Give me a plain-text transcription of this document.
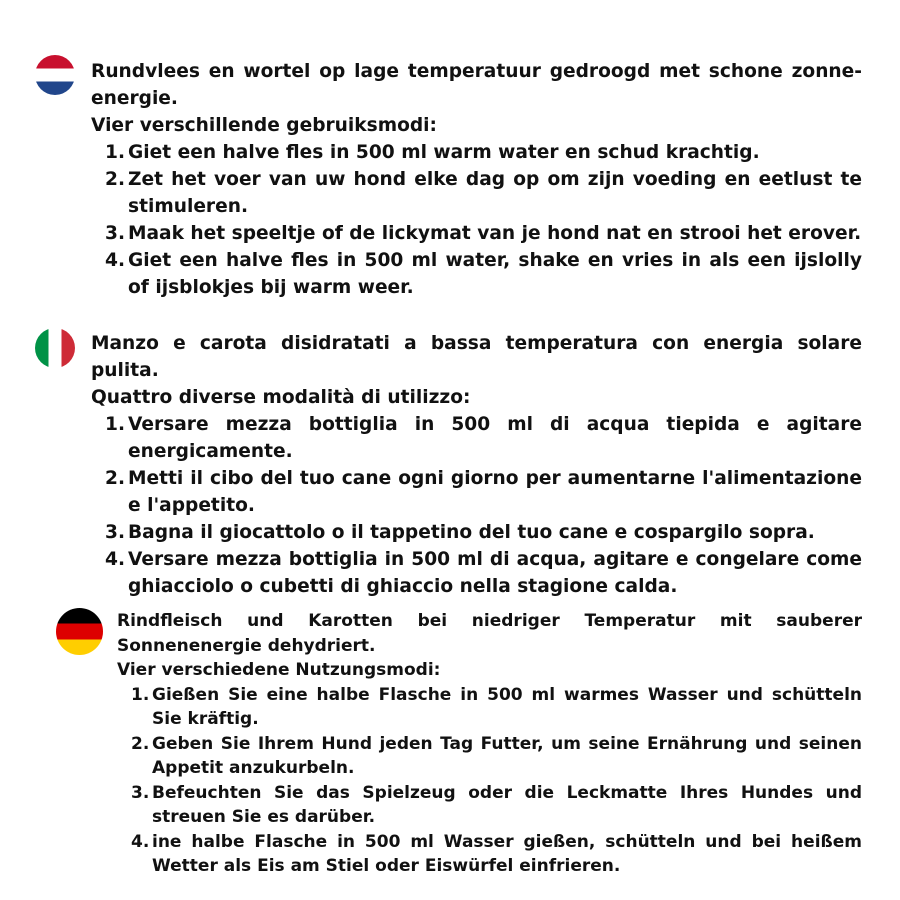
Rundvlees en wortel op lage temperatuur gedroogd met schone zonne-energie.

Vier verschillende gebruiksmodi:

1. Giet een halve fles in 500 ml warm water en schud krachtig.
2. Zet het voer van uw hond elke dag op om zijn voeding en eetlust te stimuleren.
3. Maak het speeltje of de lickymat van je hond nat en strooi het erover.
4. Giet een halve fles in 500 ml water, shake en vries in als een ijslolly of ijsblokjes bij warm weer.

Manzo e carota disidratati a bassa temperatura con energia solare pulita.

Quattro diverse modalità di utilizzo:

1. Versare mezza bottiglia in 500 ml di acqua tiepida e agitare energicamente.
2. Metti il cibo del tuo cane ogni giorno per aumentarne l'alimentazione e l'appetito.
3. Bagna il giocattolo o il tappetino del tuo cane e cospargilo sopra.
4. Versare mezza bottiglia in 500 ml di acqua, agitare e congelare come ghiacciolo o cubetti di ghiaccio nella stagione calda.

Rindfleisch und Karotten bei niedriger Temperatur mit sauberer Sonnenenergie dehydriert.

Vier verschiedene Nutzungsmodi:

1. Gießen Sie eine halbe Flasche in 500 ml warmes Wasser und schütteln Sie kräftig.
2. Geben Sie Ihrem Hund jeden Tag Futter, um seine Ernährung und seinen Appetit anzukurbeln.
3. Befeuchten Sie das Spielzeug oder die Leckmatte Ihres Hundes und streuen Sie es darüber.
4. ine halbe Flasche in 500 ml Wasser gießen, schütteln und bei heißem Wetter als Eis am Stiel oder Eiswürfel einfrieren.
